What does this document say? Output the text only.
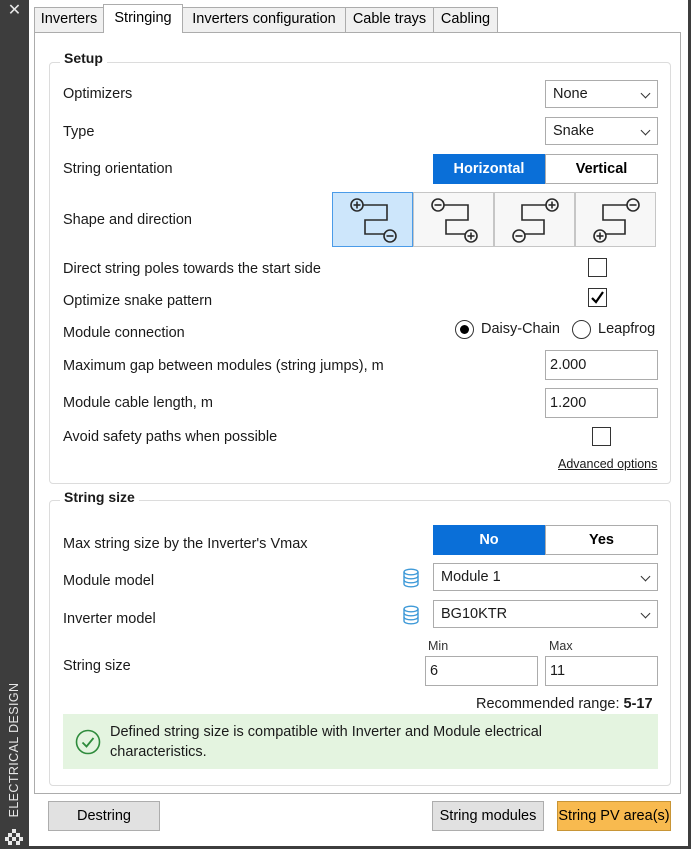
✕
ELECTRICAL DESIGN
Inverters	Stringing	Inverters configuration	Cable trays	Cabling
Setup
Optimizers	None
Type	Snake
String orientation	Horizontal	Vertical
Shape and direction
Direct string poles towards the start side
Optimize snake pattern
Module connection	Daisy-Chain	Leapfrog
Maximum gap between modules (string jumps), m	2.000
Module cable length, m	1.200
Avoid safety paths when possible
Advanced options
String size
Max string size by the Inverter's Vmax	No	Yes
Module model	Module 1
Inverter model	BG10KTR
Min	Max
String size	6	11
Recommended range: 5-17
Defined string size is compatible with Inverter and Module electrical characteristics.
Destring	String modules	String PV area(s)
